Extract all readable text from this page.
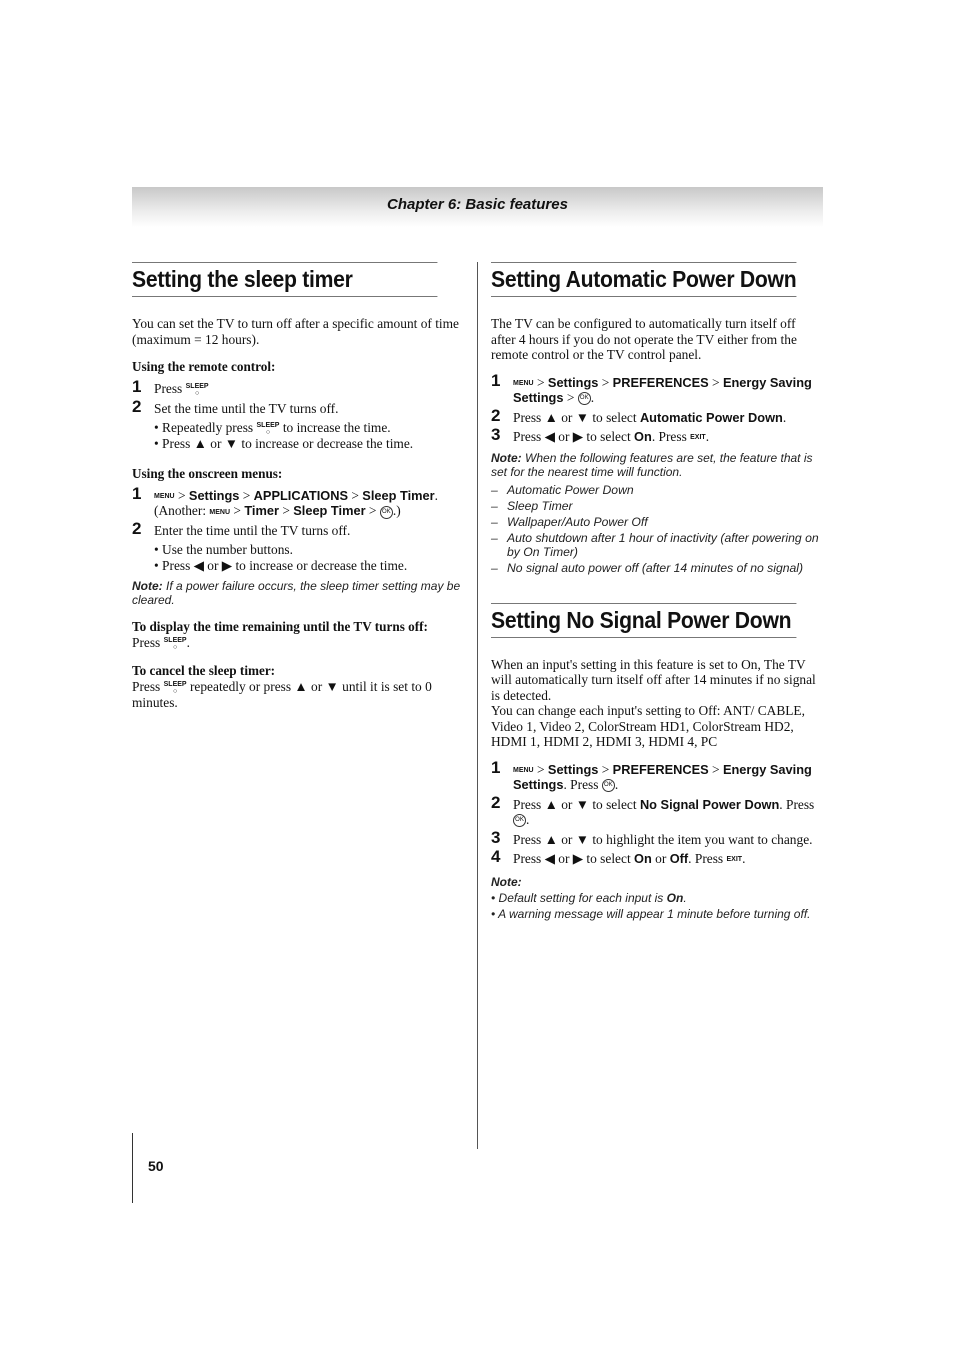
Chapter 6: Basic features
Setting the sleep timer

You can set the TV to turn off after a specific amount of time (maximum = 12 hours).

Using the remote control:
1 Press SLEEP
○
2 Set the time until the TV turns off.
• Repeatedly press SLEEP
○ to increase the time.
• Press ▲ or ▼ to increase or decrease the time.
Using the onscreen menus:
1 MENU > Settings > APPLICATIONS > Sleep Timer.
(Another: MENU > Timer > Sleep Timer > OK .)
2 Enter the time until the TV turns off.
• Use the number buttons.
• Press ◀ or ▶ to increase or decrease the time.
Note: If a power failure occurs, the sleep timer setting may be cleared.
To display the time remaining until the TV turns off:

Press SLEEP
○ .

To cancel the sleep timer:

Press SLEEP
○ repeatedly or press ▲ or ▼ until it is set to 0 minutes.

Setting Automatic Power Down

The TV can be configured to automatically turn itself off after 4 hours if you do not operate the TV either from the remote control or the TV control panel.

1 MENU > Settings > PREFERENCES > Energy Saving Settings > OK .
2 Press ▲ or ▼ to select Automatic Power Down.
3 Press ◀ or ▶ to select On. Press EXIT.
Note: When the following features are set, the feature that is set for the nearest time will function.
– Automatic Power Down
– Sleep Timer
– Wallpaper/Auto Power Off
– Auto shutdown after 1 hour of inactivity (after powering on by On Timer)
– No signal auto power off (after 14 minutes of no signal)
Setting No Signal Power Down

When an input's setting in this feature is set to On, The TV will automatically turn itself off after 14 minutes if no signal is detected.

You can change each input's setting to Off: ANT/ CABLE, Video 1, Video 2, ColorStream HD1, ColorStream HD2, HDMI 1, HDMI 2, HDMI 3, HDMI 4, PC

1 MENU > Settings > PREFERENCES > Energy Saving Settings. Press OK .
2 Press ▲ or ▼ to select No Signal Power Down. Press OK .
3 Press ▲ or ▼ to highlight the item you want to change.
4 Press ◀ or ▶ to select On or Off. Press EXIT.
Note:
• Default setting for each input is On.
• A warning message will appear 1 minute before turning off.
50
